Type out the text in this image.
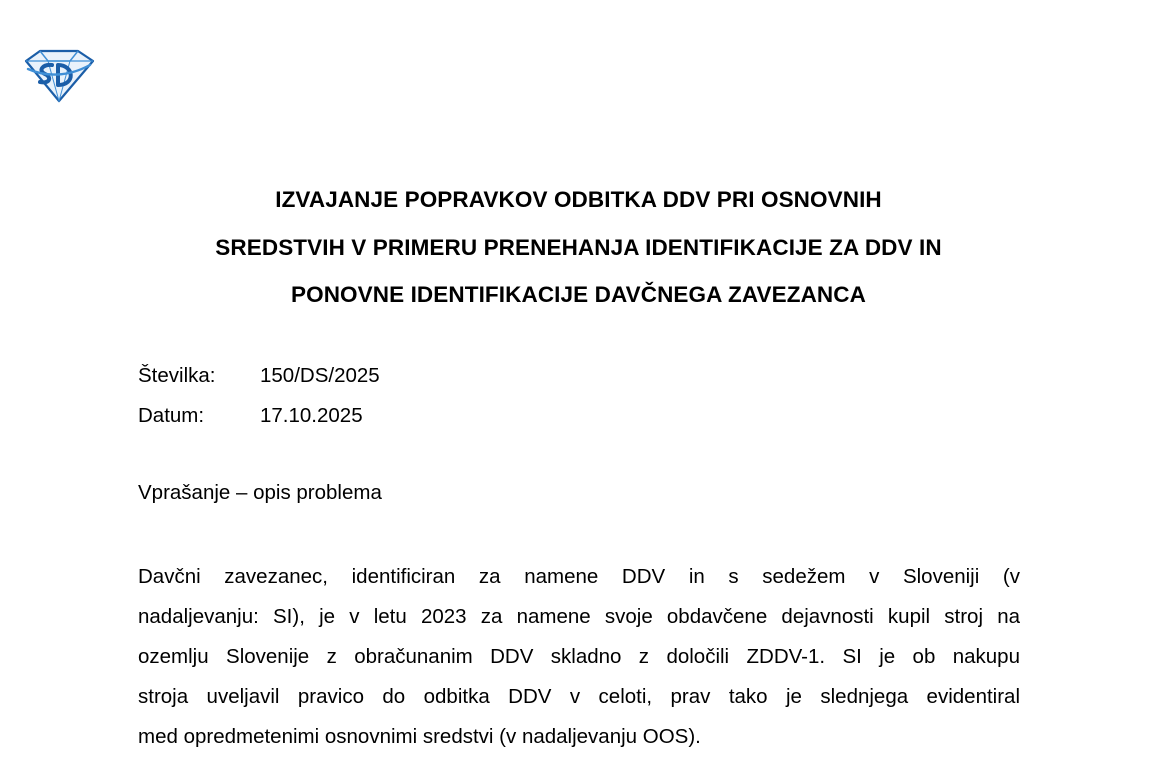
IZVAJANJE POPRAVKOV ODBITKA DDV PRI OSNOVNIH
SREDSTVIH V PRIMERU PRENEHANJA IDENTIFIKACIJE ZA DDV IN
PONOVNE IDENTIFIKACIJE DAVČNEGA ZAVEZANCA
Številka:	150/DS/2025
Datum:	17.10.2025
Vprašanje – opis problema
Davčni zavezanec, identificiran za namene DDV in s sedežem v Sloveniji (v
nadaljevanju: SI), je v letu 2023 za namene svoje obdavčene dejavnosti kupil stroj na
ozemlju Slovenije z obračunanim DDV skladno z določili ZDDV-1. SI je ob nakupu
stroja uveljavil pravico do odbitka DDV v celoti, prav tako je slednjega evidentiral
med opredmetenimi osnovnimi sredstvi (v nadaljevanju OOS).
